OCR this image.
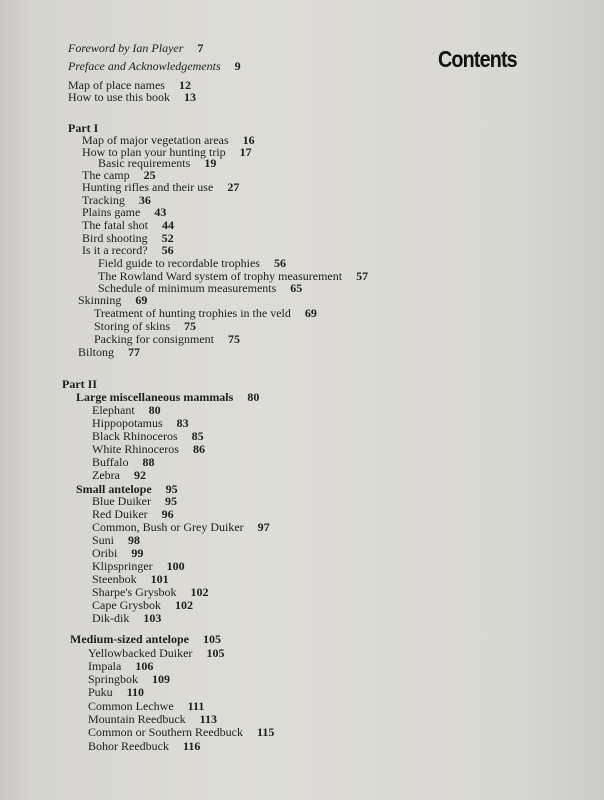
Contents
Foreword by Ian Player 7
Preface and Acknowledgements 9
Map of place names 12
How to use this book 13
Part I
Map of major vegetation areas 16
How to plan your hunting trip 17
Basic requirements 19
The camp 25
Hunting rifles and their use 27
Tracking 36
Plains game 43
The fatal shot 44
Bird shooting 52
Is it a record? 56
Field guide to recordable trophies 56
The Rowland Ward system of trophy measurement 57
Schedule of minimum measurements 65
Skinning 69
Treatment of hunting trophies in the veld 69
Storing of skins 75
Packing for consignment 75
Biltong 77
Part II
Large miscellaneous mammals 80
Elephant 80
Hippopotamus 83
Black Rhinoceros 85
White Rhinoceros 86
Buffalo 88
Zebra 92
Small antelope 95
Blue Duiker 95
Red Duiker 96
Common, Bush or Grey Duiker 97
Suni 98
Oribi 99
Klipspringer 100
Steenbok 101
Sharpe's Grysbok 102
Cape Grysbok 102
Dik-dik 103
Medium-sized antelope 105
Yellowbacked Duiker 105
Impala 106
Springbok 109
Puku 110
Common Lechwe 111
Mountain Reedbuck 113
Common or Southern Reedbuck 115
Bohor Reedbuck 116
